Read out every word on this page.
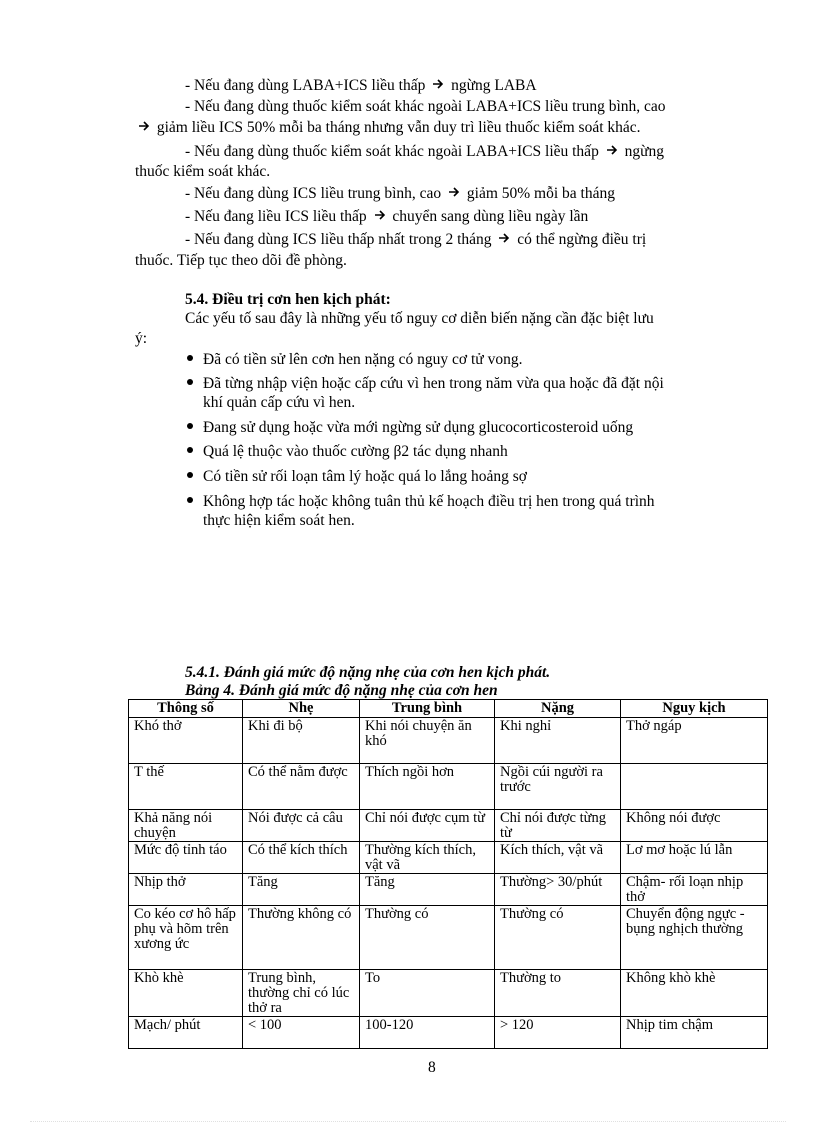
- Nếu đang dùng LABA+ICS liều thấp ngừng LABA
- Nếu đang dùng thuốc kiểm soát khác ngoài LABA+ICS liều trung bình, cao
giảm liều ICS 50% mỗi ba tháng nhưng vẫn duy trì liều thuốc kiểm soát khác.
- Nếu đang dùng thuốc kiểm soát khác ngoài LABA+ICS liều thấp ngừng
thuốc kiểm soát khác.
- Nếu đang dùng ICS liều trung bình, cao giảm 50% mỗi ba tháng
- Nếu đang liều ICS liều thấp chuyển sang dùng liều ngày lần
- Nếu đang dùng ICS liều thấp nhất trong 2 tháng có thể ngừng điều trị
thuốc. Tiếp tục theo dõi đề phòng.
5.4. Điều trị cơn hen kịch phát:
Các yếu tố sau đây là những yếu tố nguy cơ diễn biến nặng cần đặc biệt lưu
ý:
Đã có tiền sử lên cơn hen nặng có nguy cơ tử vong.
Đã từng nhập viện hoặc cấp cứu vì hen trong năm vừa qua hoặc đã đặt nội
khí quản cấp cứu vì hen.
Đang sử dụng hoặc vừa mới ngừng sử dụng glucocorticosteroid uống
Quá lệ thuộc vào thuốc cường β2 tác dụng nhanh
Có tiền sử rối loạn tâm lý hoặc quá lo lắng hoảng sợ
Không hợp tác hoặc không tuân thủ kế hoạch điều trị hen trong quá trình
thực hiện kiểm soát hen.
5.4.1. Đánh giá mức độ nặng nhẹ của cơn hen kịch phát.
Bảng 4. Đánh giá mức độ nặng nhẹ của cơn hen
Thông số	Nhẹ	Trung bình	Nặng	Nguy kịch
Khó thở	Khi đi bộ	Khi nói chuyện ăn khó	Khi nghỉ	Thở ngáp
T thế	Có thể nằm được	Thích ngồi hơn	Ngồi cúi người ra trước	
Khả năng nói chuyện	Nói được cả câu	Chỉ nói được cụm từ	Chỉ nói được từng từ	Không nói được
Mức độ tỉnh táo	Có thể kích thích	Thường kích thích, vật vã	Kích thích, vật vã	Lơ mơ hoặc lú lẫn
Nhịp thở	Tăng	Tăng	Thường> 30/phút	Chậm- rối loạn nhịp thở
Co kéo cơ hô hấp phụ và hõm trên xương ức	Thường không có	Thường có	Thường có	Chuyển động ngực - bụng nghịch thường
Khò khè	Trung bình, thường chỉ có lúc thở ra	To	Thường to	Không khò khè
Mạch/ phút	< 100	100-120	> 120	Nhịp tim chậm
8
